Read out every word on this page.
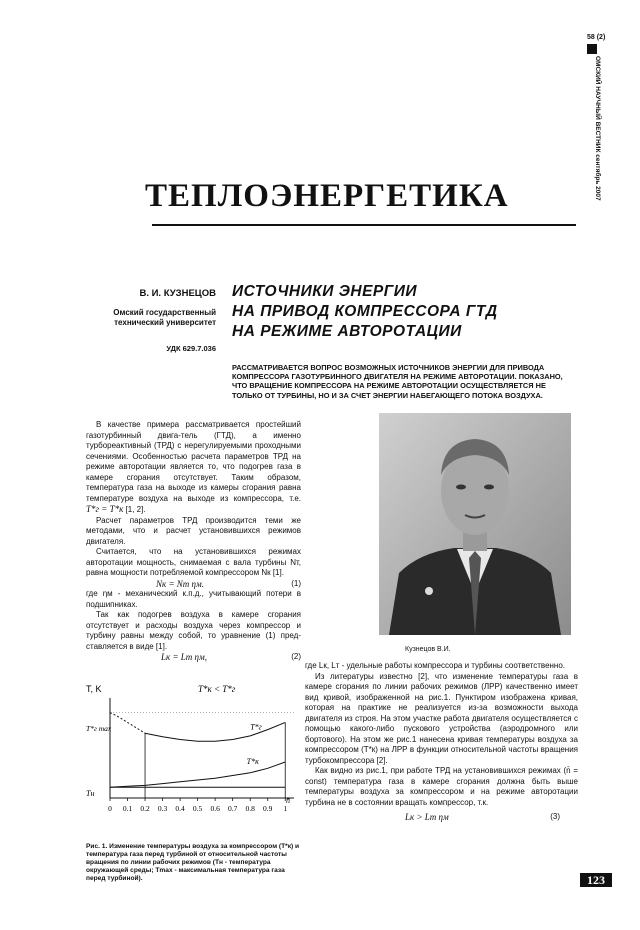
58 (2)
ОМСКИЙ НАУЧНЫЙ ВЕСТНИК сентябрь 2007
ТЕПЛОЭНЕРГЕТИКА
В. И. КУЗНЕЦОВ
Омский государственный
технический университет
УДК 629.7.036
ИСТОЧНИКИ ЭНЕРГИИ
НА ПРИВОД КОМПРЕССОРА ГТД
НА РЕЖИМЕ АВТОРОТАЦИИ
РАССМАТРИВАЕТСЯ ВОПРОС ВОЗМОЖНЫХ ИСТОЧНИКОВ ЭНЕРГИИ ДЛЯ ПРИВОДА КОМПРЕССОРА ГАЗОТУРБИННОГО ДВИГАТЕЛЯ НА РЕЖИМЕ АВТОРОТАЦИИ. ПОКАЗАНО, ЧТО ВРАЩЕНИЕ КОМПРЕССОРА НА РЕЖИМЕ АВТОРОТАЦИИ ОСУЩЕСТВЛЯЕТСЯ НЕ ТОЛЬКО ОТ ТУРБИНЫ, НО И ЗА СЧЕТ ЭНЕРГИИ НАБЕГАЮЩЕГО ПОТОКА ВОЗДУХА.

В качестве примера рассматривается простейший газотурбинный двига-тель (ГТД), а именно турбореактивный (ТРД) с нерегулируемыми проходными сечениями. Особенностью расчета параметров ТРД на режиме авторотации является то, что подогрев газа в камере сгорания отсутствует. Таким образом, температура газа на выходе из камеры сгорания равна температуре воздуха на выходе из компрессора, т.е. T*г = T*к [1, 2].

Расчет параметров ТРД производится теми же методами, что и расчет установившихся режимов двигателя.

Считается, что на установившихся режимах авторотации мощность, снимаемая с вала турбины Nт, равна мощности потребляемой компрессором Nк [1].

Nк = Nт ηм.	(1)

где ηм - механический к.п.д., учитывающий потери в подшипниках.

Так как подогрев воздуха в камере сгорания отсутствует и расходы воздуха через компрессор и турбину равны между собой, то уравнение (1) пред-ставляется в виде [1].

Lк = Lт ηм,	(2)
Кузнецов В.И.
T, K	T*к < T*г
T*г max
Tн
n̄
0 0.1 0.2 0.3 0.4 0.5 0.6 0.7 0.8 0.9 1
T*г
T*к
Рис. 1. Изменение температуры воздуха за компрессором (T*к) и температура газа перед турбиной от относительной частоты вращения по линии рабочих режимов (Tн - температура окружающей среды; Tmax - максимальная температура газа перед турбиной).

где Lк, Lт - удельные работы компрессора и турбины соответственно.

Из литературы известно [2], что изменение температуры газа в камере сгорания по линии рабочих режимов (ЛРР) качественно имеет вид кривой, изображенной на рис.1. Пунктиром изображена кривая, которая на практике не реализуется из-за возможности выхода двигателя из строя. На этом участке работа двигателя осуществляется с помощью какого-либо пускового устройства (аэродромного или бортового). На этом же рис.1 нанесена кривая температуры воздуха за компрессором (T*к) на ЛРР в функции относительной частоты вращения турбокомпрессора [2].

Как видно из рис.1, при работе ТРД на установившихся режимах (n̄ = const) температура газа в камере сгорания должна быть выше температуры воздуха за компрессором и на режиме авторотации турбина не в состоянии вращать компрессор, т.к.

Lк > Lт ηм	(3)
123
